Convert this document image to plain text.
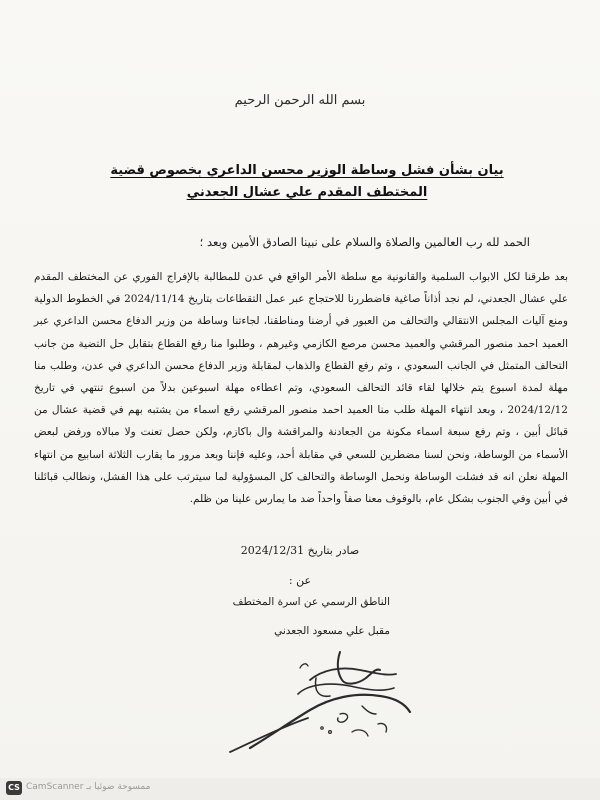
بسم الله الرحمن الرحيم
بيان بشأن فشل وساطة الوزير محسن الداعري بخصوص قضية المختطف المقدم علي عشال الجعدني
الحمد لله رب العالمين والصلاة والسلام على نبينا الصادق الأمين وبعد ؛
بعد طرقنا لكل الابواب السلمية والقانونية مع سلطة الأمر الواقع في عدن للمطالبة بالإفراج الفوري عن المختطف المقدم علي عشال الجعدني، لم نجد أذاناً صاغية فاضطررنا للاحتجاج عبر عمل التقطاعات بتاريخ 2024/11/14 في الخطوط الدولية ومنع آليات المجلس الانتقالي والتحالف من العبور في أرضنا ومناطقنا، لجاءتنا وساطة من وزير الدفاع محسن الداعري عبر العميد احمد منصور المرقشي والعميد محسن مرصع الكازمي وغيرهم ، وطلبوا منا رفع القطاع بتقابل حل التضية من جانب التحالف المتمثل في الجانب السعودي ، وتم رفع القطاع والذهاب لمقابلة وزير الدفاع محسن الداعري في عدن، وطلب منا مهلة لمدة اسبوع يتم خلالها لقاء قائد التحالف السعودي، وتم اعطاءه مهلة اسبوعين بدلاً من اسبوع تنتهي في تاريخ 2024/12/12 ، وبعد انتهاء المهلة طلب منا العميد احمد منصور المرقشي رفع اسماء من يشتبه بهم في قضية عشال من قبائل أبين ، وتم رفع سبعة اسماء مكونة من الجعادنة والمراقشة وال باكازم، ولكن حصل تعنت ولا مبالاه ورفض لبعض الأسماء من الوساطة، ونحن لسنا مضطرين للسعي في مقابلة أحد، وعليه فإننا وبعد مرور ما يقارب الثلاثة اسابيع من انتهاء المهلة نعلن انه قد فشلت الوساطة ونحمل الوساطة والتحالف كل المسؤولية لما سيترتب على هذا الفشل، ونطالب قبائلنا في أبين وفي الجنوب بشكل عام، بالوقوف معنا صفاً واحداً ضد ما يمارس علينا من ظلم.
صادر بتاريخ 2024/12/31
عن :
الناطق الرسمي عن اسرة المختطف
مقبل علي مسعود الجعدني
CS CamScanner ممسوحة ضوئيا بـ
